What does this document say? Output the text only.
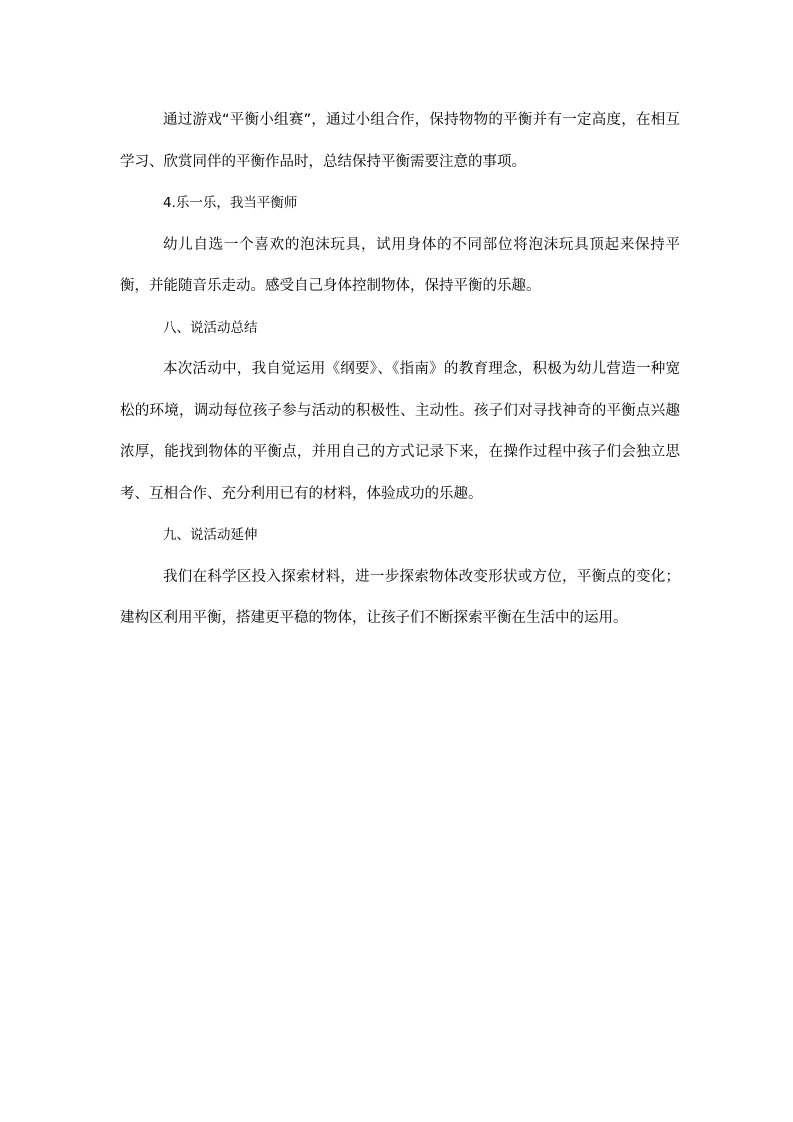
通过游戏“平衡小组赛”，通过小组合作，保持物物的平衡并有一定高度，在相互学习、欣赏同伴的平衡作品时，总结保持平衡需要注意的事项。

4.乐一乐，我当平衡师

幼儿自选一个喜欢的泡沫玩具，试用身体的不同部位将泡沫玩具顶起来保持平衡，并能随音乐走动。感受自己身体控制物体，保持平衡的乐趣。

八、说活动总结

本次活动中，我自觉运用《纲要》、《指南》的教育理念，积极为幼儿营造一种宽松的环境，调动每位孩子参与活动的积极性、主动性。孩子们对寻找神奇的平衡点兴趣浓厚，能找到物体的平衡点，并用自己的方式记录下来，在操作过程中孩子们会独立思考、互相合作、充分利用已有的材料，体验成功的乐趣。

九、说活动延伸

我们在科学区投入探索材料，进一步探索物体改变形状或方位，平衡点的变化；建构区利用平衡，搭建更平稳的物体，让孩子们不断探索平衡在生活中的运用。
